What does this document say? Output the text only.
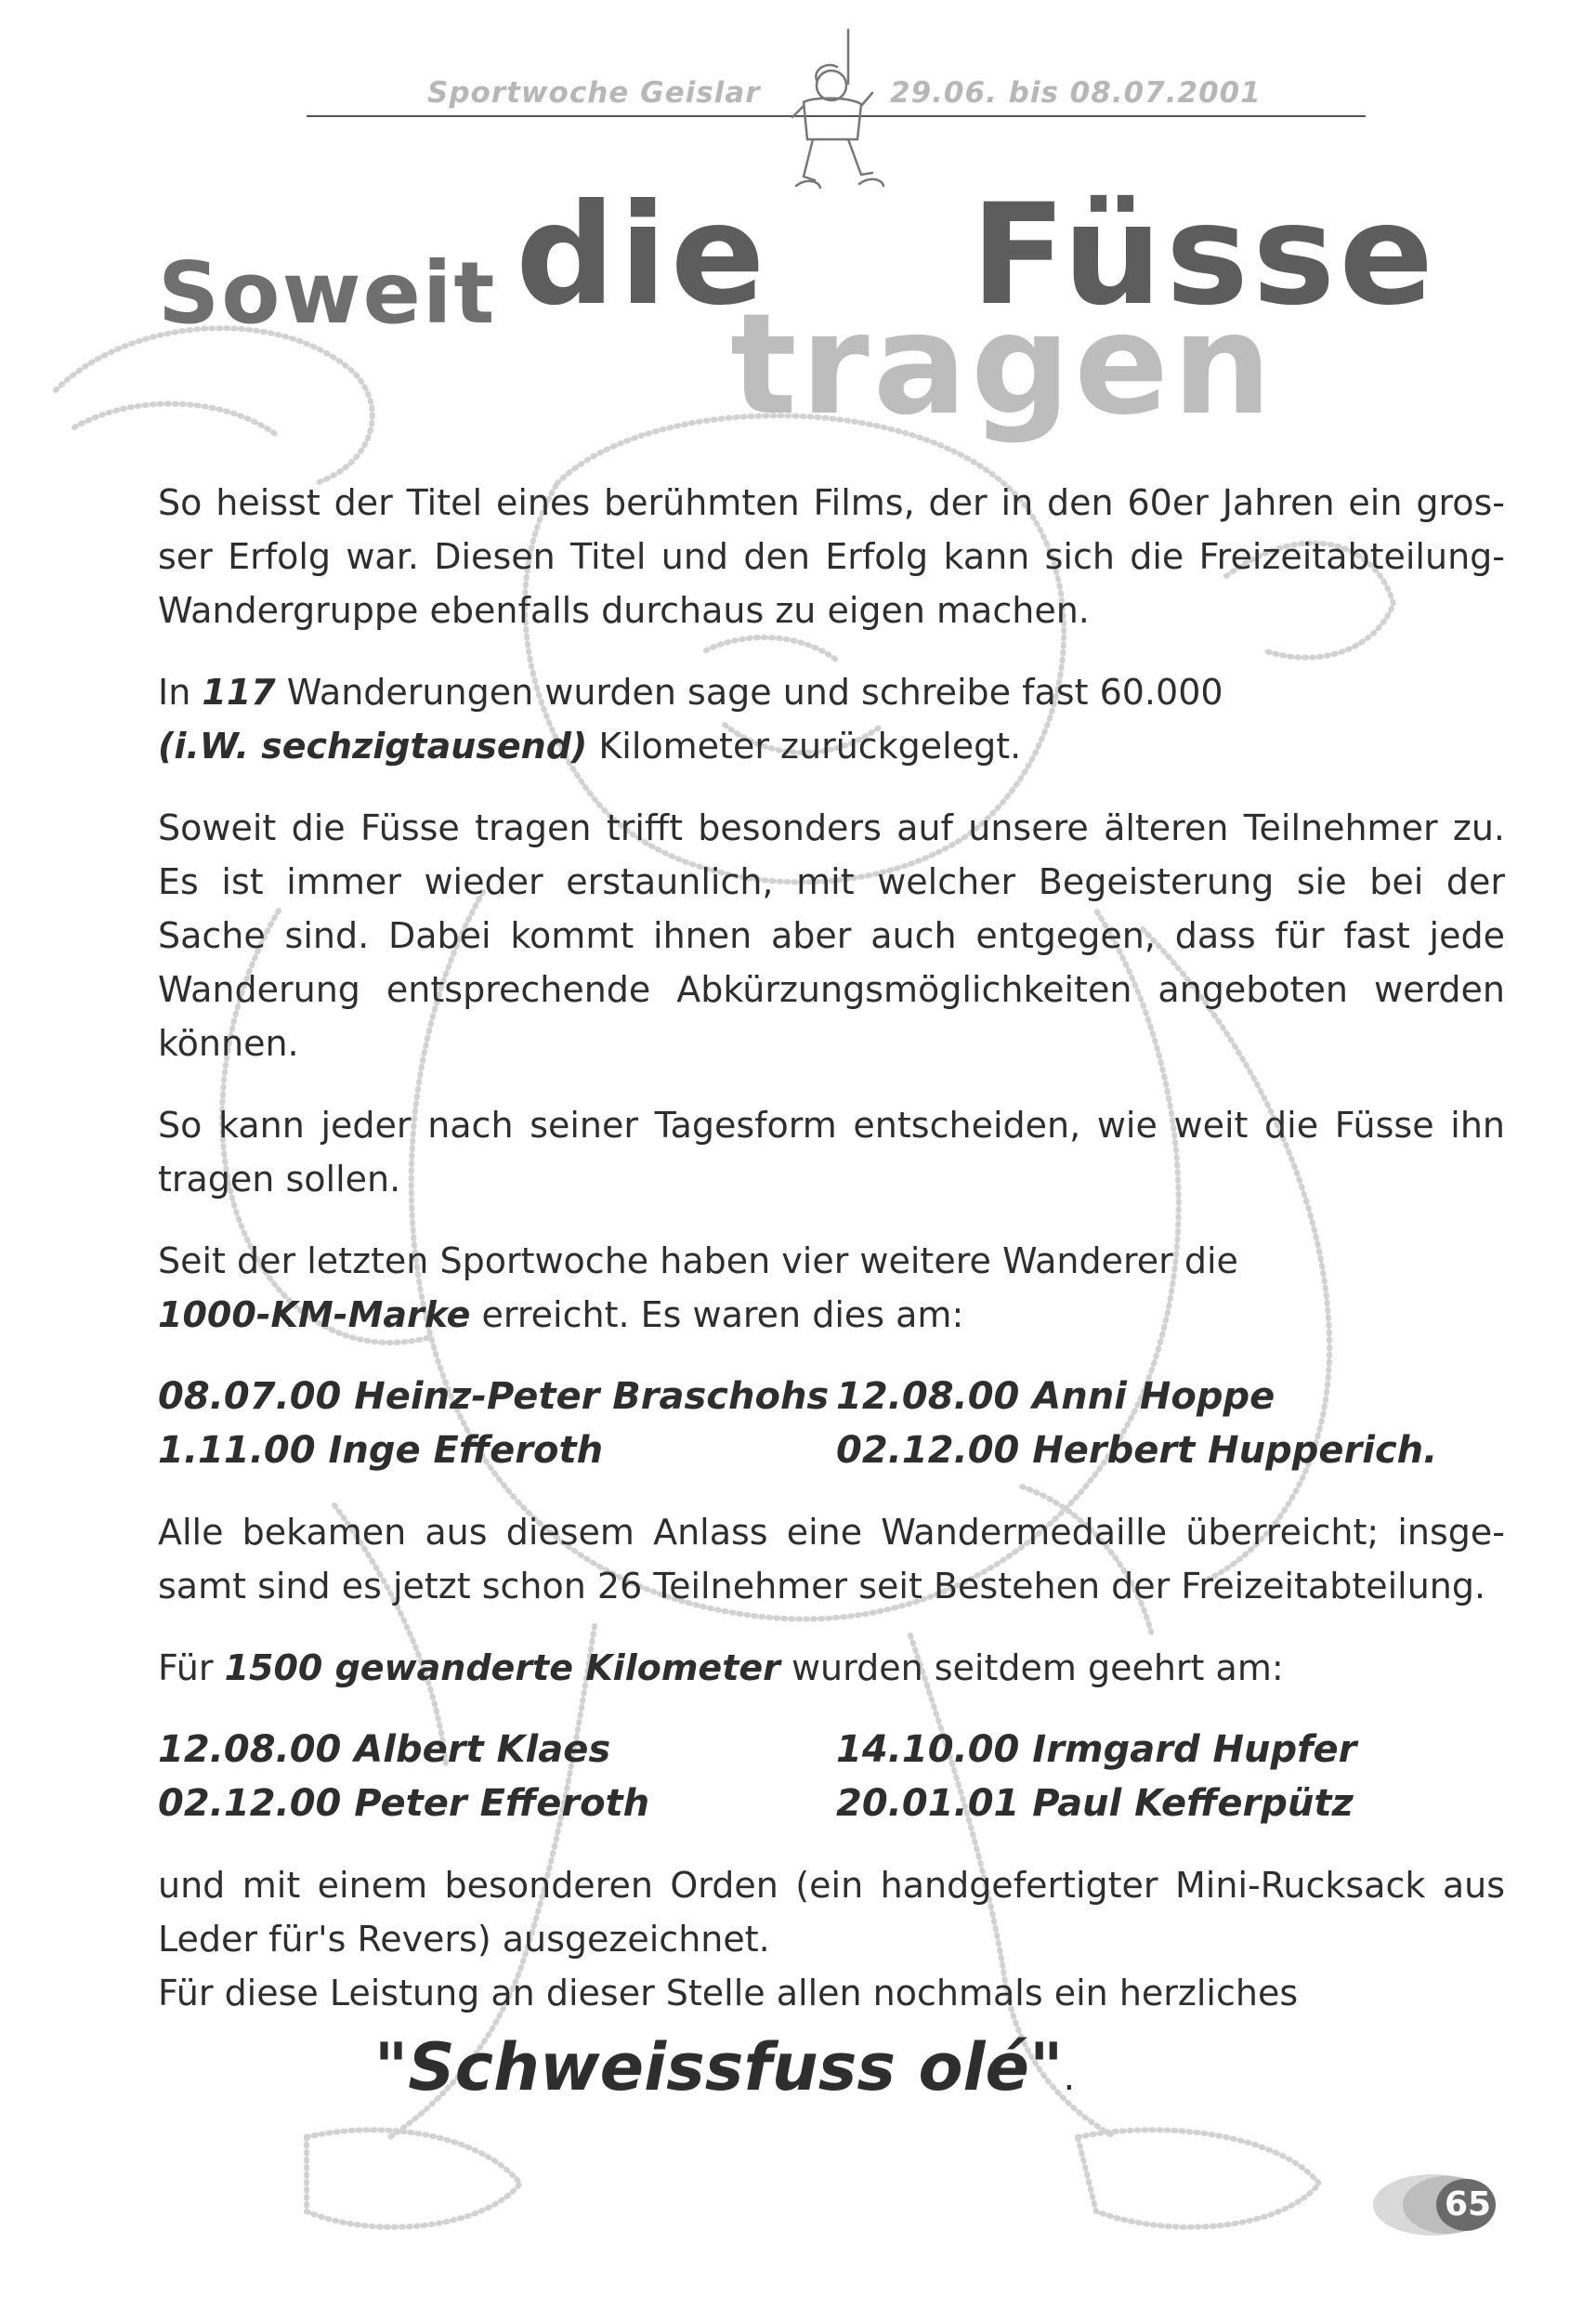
Sportwoche Geislar	29.06. bis 08.07.2001
Soweit tragen
die Füsse

So heisst der Titel eines berühmten Films, der in den 60er Jahren ein gros-ser Erfolg war. Diesen Titel und den Erfolg kann sich die Freizeitabteilung-Wandergruppe ebenfalls durchaus zu eigen machen.

In 117 Wanderungen wurden sage und schreibe fast 60.000
(i.W. sechzigtausend) Kilometer zurückgelegt.

Soweit die Füsse tragen trifft besonders auf unsere älteren Teilnehmer zu. Es ist immer wieder erstaunlich, mit welcher Begeisterung sie bei der Sache sind. Dabei kommt ihnen aber auch entgegen, dass für fast jede Wanderung entsprechende Abkürzungsmöglichkeiten angeboten werden können.

So kann jeder nach seiner Tagesform entscheiden, wie weit die Füsse ihn tragen sollen.

Seit der letzten Sportwoche haben vier weitere Wanderer die
1000-KM-Marke erreicht. Es waren dies am:

08.07.00 Heinz-Peter Braschohs 12.08.00 Anni Hoppe
1.11.00 Inge Efferoth	02.12.00 Herbert Hupperich.

Alle bekamen aus diesem Anlass eine Wandermedaille überreicht; insge-samt sind es jetzt schon 26 Teilnehmer seit Bestehen der Freizeitabteilung.

Für 1500 gewanderte Kilometer wurden seitdem geehrt am:

12.08.00 Albert Klaes	14.10.00 Irmgard Hupfer
02.12.00 Peter Efferoth	20.01.01 Paul Kefferpütz

und mit einem besonderen Orden (ein handgefertigter Mini-Rucksack aus Leder für's Revers) ausgezeichnet.

Für diese Leistung an dieser Stelle allen nochmals ein herzliches

"Schweissfuss olé".
65
